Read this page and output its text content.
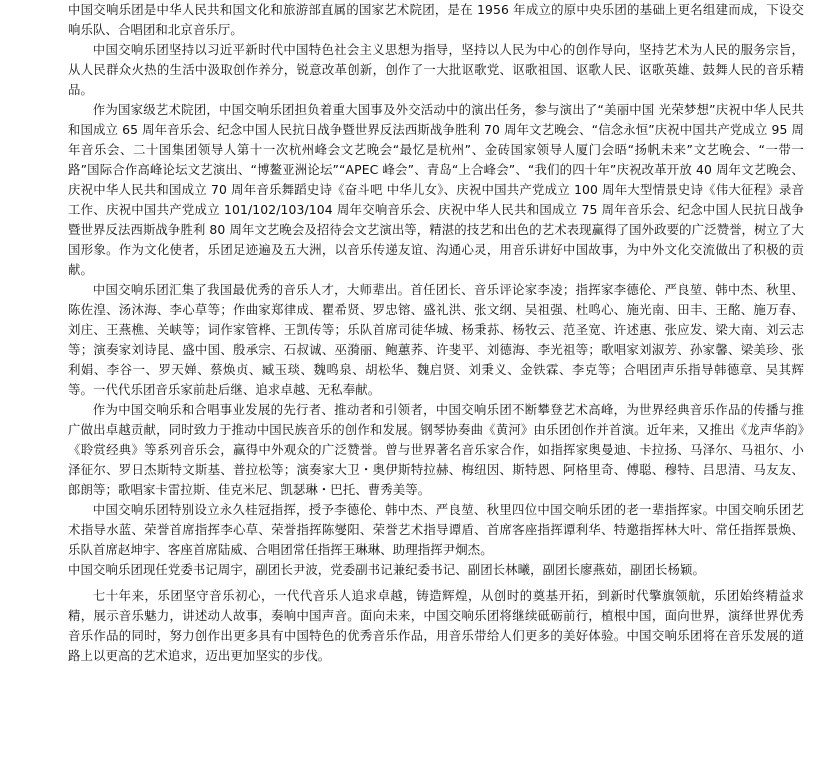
中国交响乐团是中华人民共和国文化和旅游部直属的国家艺术院团，是在 1956 年成立的原中央乐团的基础上更名组建而成，下设交响乐队、合唱团和北京音乐厅。

中国交响乐团坚持以习近平新时代中国特色社会主义思想为指导，坚持以人民为中心的创作导向，坚持艺术为人民的服务宗旨，从人民群众火热的生活中汲取创作养分，锐意改革创新，创作了一大批讴歌党、讴歌祖国、讴歌人民、讴歌英雄、鼓舞人民的音乐精品。

作为国家级艺术院团，中国交响乐团担负着重大国事及外交活动中的演出任务，参与演出了“美丽中国 光荣梦想”庆祝中华人民共和国成立 65 周年音乐会、纪念中国人民抗日战争暨世界反法西斯战争胜利 70 周年文艺晚会、“信念永恒”庆祝中国共产党成立 95 周年音乐会、二十国集团领导人第十一次杭州峰会文艺晚会“最忆是杭州”、金砖国家领导人厦门会晤“扬帆未来”文艺晚会、“一带一路”国际合作高峰论坛文艺演出、“博鳌亚洲论坛”“APEC 峰会”、青岛“上合峰会”、“我们的四十年”庆祝改革开放 40 周年文艺晚会、庆祝中华人民共和国成立 70 周年音乐舞蹈史诗《奋斗吧 中华儿女》、庆祝中国共产党成立 100 周年大型情景史诗《伟大征程》录音工作、庆祝中国共产党成立 101/102/103/104 周年交响音乐会、庆祝中华人民共和国成立 75 周年音乐会、纪念中国人民抗日战争暨世界反法西斯战争胜利 80 周年文艺晚会及招待会文艺演出等，精湛的技艺和出色的艺术表现赢得了国外政要的广泛赞誉，树立了大国形象。作为文化使者，乐团足迹遍及五大洲，以音乐传递友谊、沟通心灵，用音乐讲好中国故事，为中外文化交流做出了积极的贡献。

中国交响乐团汇集了我国最优秀的音乐人才，大师辈出。首任团长、音乐评论家李凌；指挥家李德伦、严良堃、韩中杰、秋里、陈佐湟、汤沐海、李心草等；作曲家郑律成、瞿希贤、罗忠镕、盛礼洪、张文纲、吴祖强、杜鸣心、施光南、田丰、王酩、施万春、刘庄、王燕樵、关峡等；词作家管桦、王凯传等；乐队首席司徒华城、杨秉荪、杨牧云、范圣宽、许述惠、张应发、梁大南、刘云志等；演奏家刘诗昆、盛中国、殷承宗、石叔诚、巫漪丽、鲍蕙荞、许斐平、刘德海、李光祖等；歌唱家刘淑芳、孙家馨、梁美珍、张利娟、李谷一、罗天婵、蔡焕贞、臧玉琰、魏鸣泉、胡松华、魏启贤、刘秉义、金铁霖、李克等；合唱团声乐指导韩德章、吴其辉等。一代代乐团音乐家前赴后继、追求卓越、无私奉献。

作为中国交响乐和合唱事业发展的先行者、推动者和引领者，中国交响乐团不断攀登艺术高峰，为世界经典音乐作品的传播与推广做出卓越贡献，同时致力于推动中国民族音乐的创作和发展。钢琴协奏曲《黄河》由乐团创作并首演。近年来，又推出《龙声华韵》《聆赏经典》等系列音乐会，赢得中外观众的广泛赞誉。曾与世界著名音乐家合作，如指挥家奥曼迪、卡拉扬、马泽尔、马祖尔、小泽征尔、罗日杰斯特文斯基、普拉松等；演奏家大卫・奥伊斯特拉赫、梅纽因、斯特恩、阿格里奇、傅聪、穆特、吕思清、马友友、郎朗等；歌唱家卡雷拉斯、佳克米尼、凯瑟琳・巴托、曹秀美等。

中国交响乐团特别设立永久桂冠指挥，授予李德伦、韩中杰、严良堃、秋里四位中国交响乐团的老一辈指挥家。中国交响乐团艺术指导水蓝、荣誉首席指挥李心草、荣誉指挥陈燮阳、荣誉艺术指导谭盾、首席客座指挥谭利华、特邀指挥林大叶、常任指挥景焕、乐队首席赵坤宇、客座首席陆威、合唱团常任指挥王琳琳、助理指挥尹炯杰。

中国交响乐团现任党委书记周宇，副团长尹波，党委副书记兼纪委书记、副团长林曦，副团长廖燕茹，副团长杨颖。

七十年来，乐团坚守音乐初心，一代代音乐人追求卓越，铸造辉煌，从创时的奠基开拓，到新时代擎旗领航，乐团始终精益求精，展示音乐魅力，讲述动人故事，奏响中国声音。面向未来，中国交响乐团将继续砥砺前行，植根中国，面向世界，演绎世界优秀音乐作品的同时，努力创作出更多具有中国特色的优秀音乐作品，用音乐带给人们更多的美好体验。中国交响乐团将在音乐发展的道路上以更高的艺术追求，迈出更加坚实的步伐。
